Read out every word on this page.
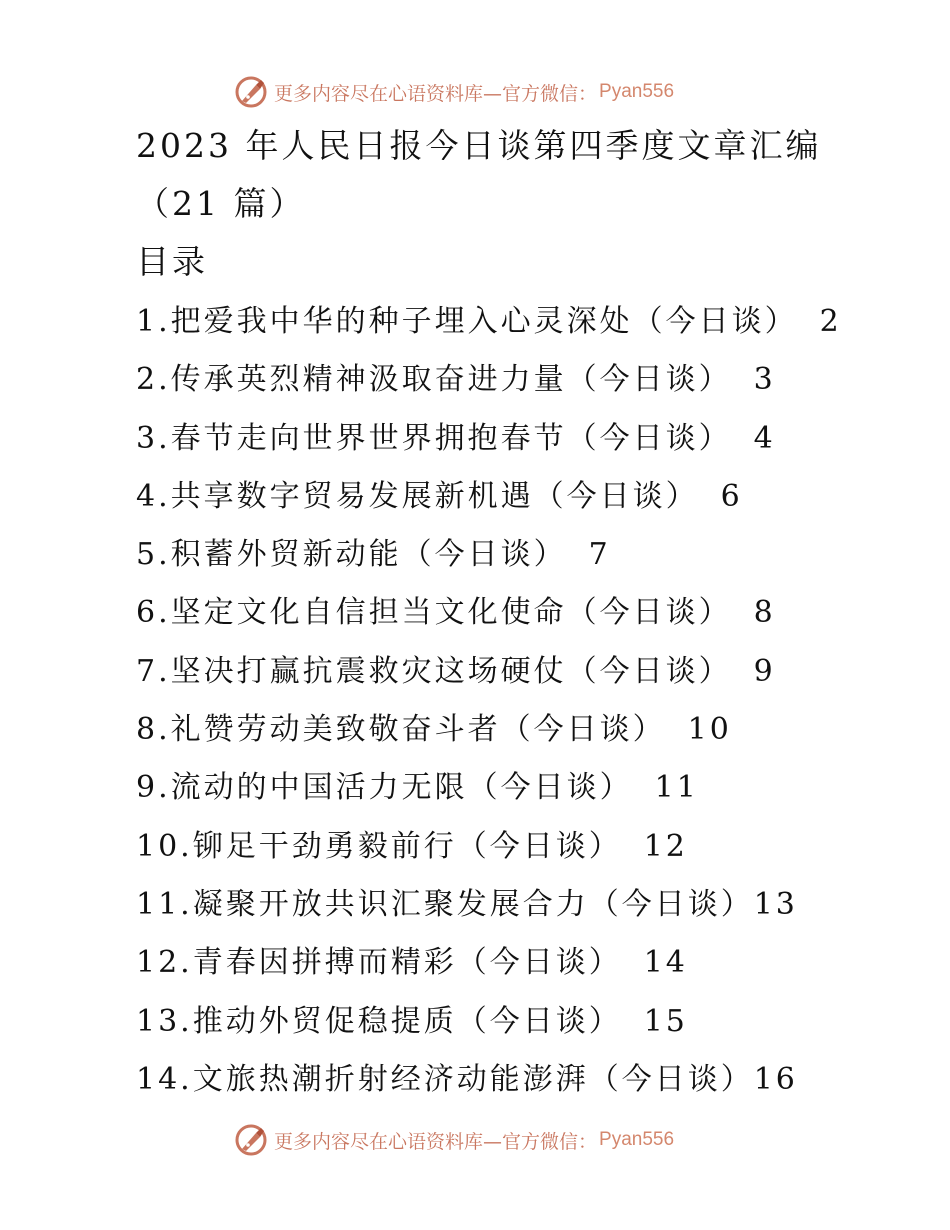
更多内容尽在心语资料库—官方微信： Pyan556
2023 年人民日报今日谈第四季度文章汇编
（21 篇）
目录
1.把爱我中华的种子埋入心灵深处（今日谈） 2
2.传承英烈精神汲取奋进力量（今日谈） 3
3.春节走向世界世界拥抱春节（今日谈） 4
4.共享数字贸易发展新机遇（今日谈） 6
5.积蓄外贸新动能（今日谈） 7
6.坚定文化自信担当文化使命（今日谈） 8
7.坚决打赢抗震救灾这场硬仗（今日谈） 9
8.礼赞劳动美致敬奋斗者（今日谈） 10
9.流动的中国活力无限（今日谈） 11
10.铆足干劲勇毅前行（今日谈） 12
11.凝聚开放共识汇聚发展合力（今日谈）13
12.青春因拼搏而精彩（今日谈） 14
13.推动外贸促稳提质（今日谈） 15
14.文旅热潮折射经济动能澎湃（今日谈）16
更多内容尽在心语资料库—官方微信： Pyan556
